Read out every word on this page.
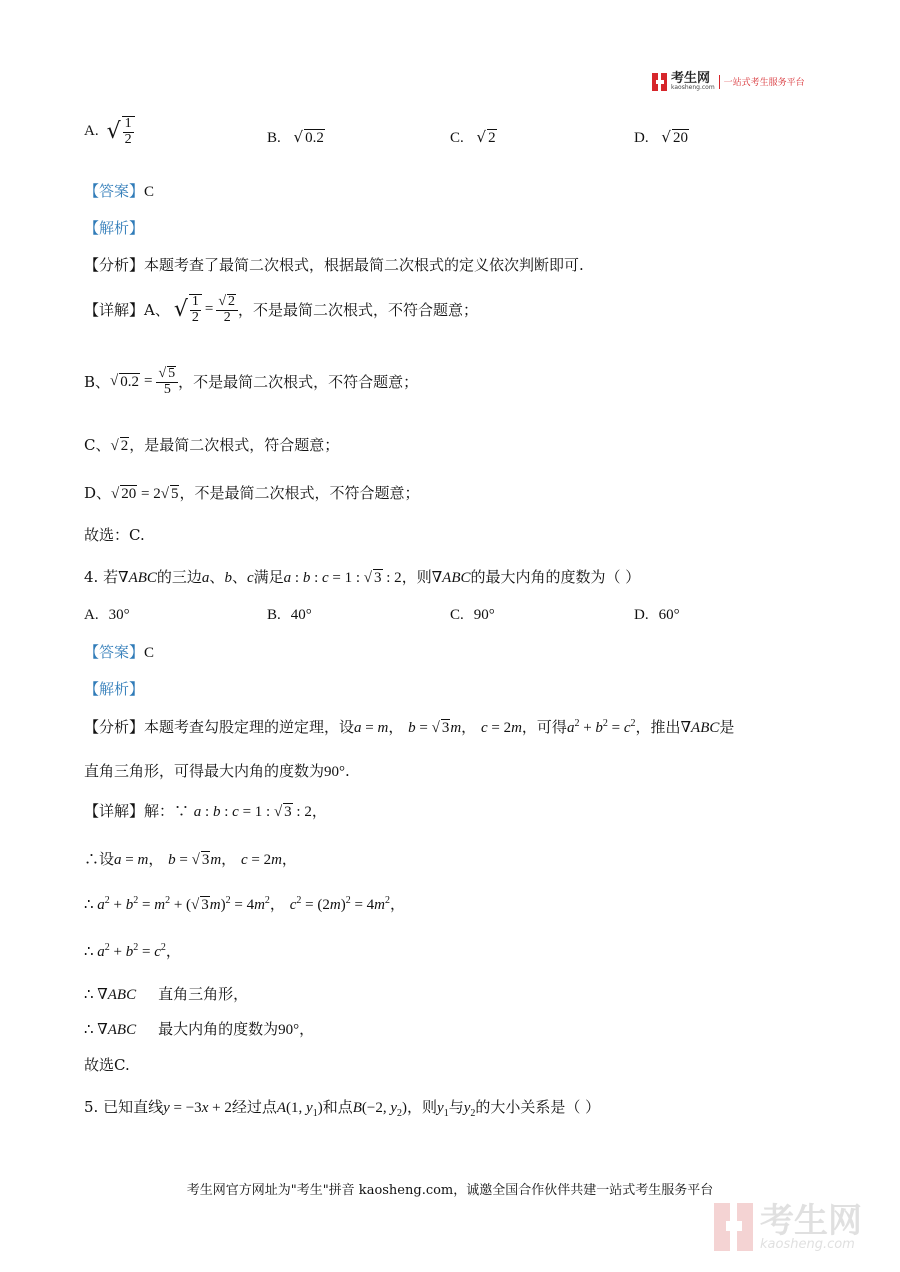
考生网
kaosheng.com 一站式考生服务平台
A. √ $\frac{1}{2}$	B. √ 0.2	C. √ 2	D. √ 20
【答案】C
【解析】
【分析】本题考查了最简二次根式，根据最简二次根式的定义依次判断即可.
【详解】A、 √ $\frac{1}{2} = \frac{√ 2}{2}$ ，不是最简二次根式，不符合题意；
B、 √ $0.2 = \frac{√ 5}{5}$ ，不是最简二次根式，不符合题意；
C、√ 2，是最简二次根式，符合题意；
D、√ 20 = 2√ 5，不是最简二次根式，不符合题意；
故选：C.
4. 若∇ABC的三边a、b、c满足a : b : c = 1 : √ 3 : 2，则∇ABC的最大内角的度数为（ ）
A. 30°	B. 40°	C. 90°	D. 60°
【答案】C
【解析】
【分析】本题考查勾股定理的逆定理，设a = m， b = √ 3m， c = 2m，可得$a^2 + b^2 = c^2$，推出∇ABC是
直角三角形，可得最大内角的度数为90°.
【详解】解：∵ a : b : c = 1 : √ 3 : 2，
∴设a = m， b = √ 3m， c = 2m，
∴ $a^2 + b^2 = m^2$ + (√ $3m)^2 = 4m^2$， $c^2 = (2m)^2 = 4m^2$，
∴ $a^2 + b^2 = c^2$，
∴ ∇ABC 直角三角形，
∴ ∇ABC 最大内角的度数为90°，
故选C.
5. 已知直线y = −3x + 2经过点A(1, $y_1$)和点B(−2, $y_2$)，则$y_1$与$y_2$的大小关系是（ ）
考生网官方网址为"考生"拼音 kaosheng.com，诚邀全国合作伙伴共建一站式考生服务平台
考生网
kaosheng.com
